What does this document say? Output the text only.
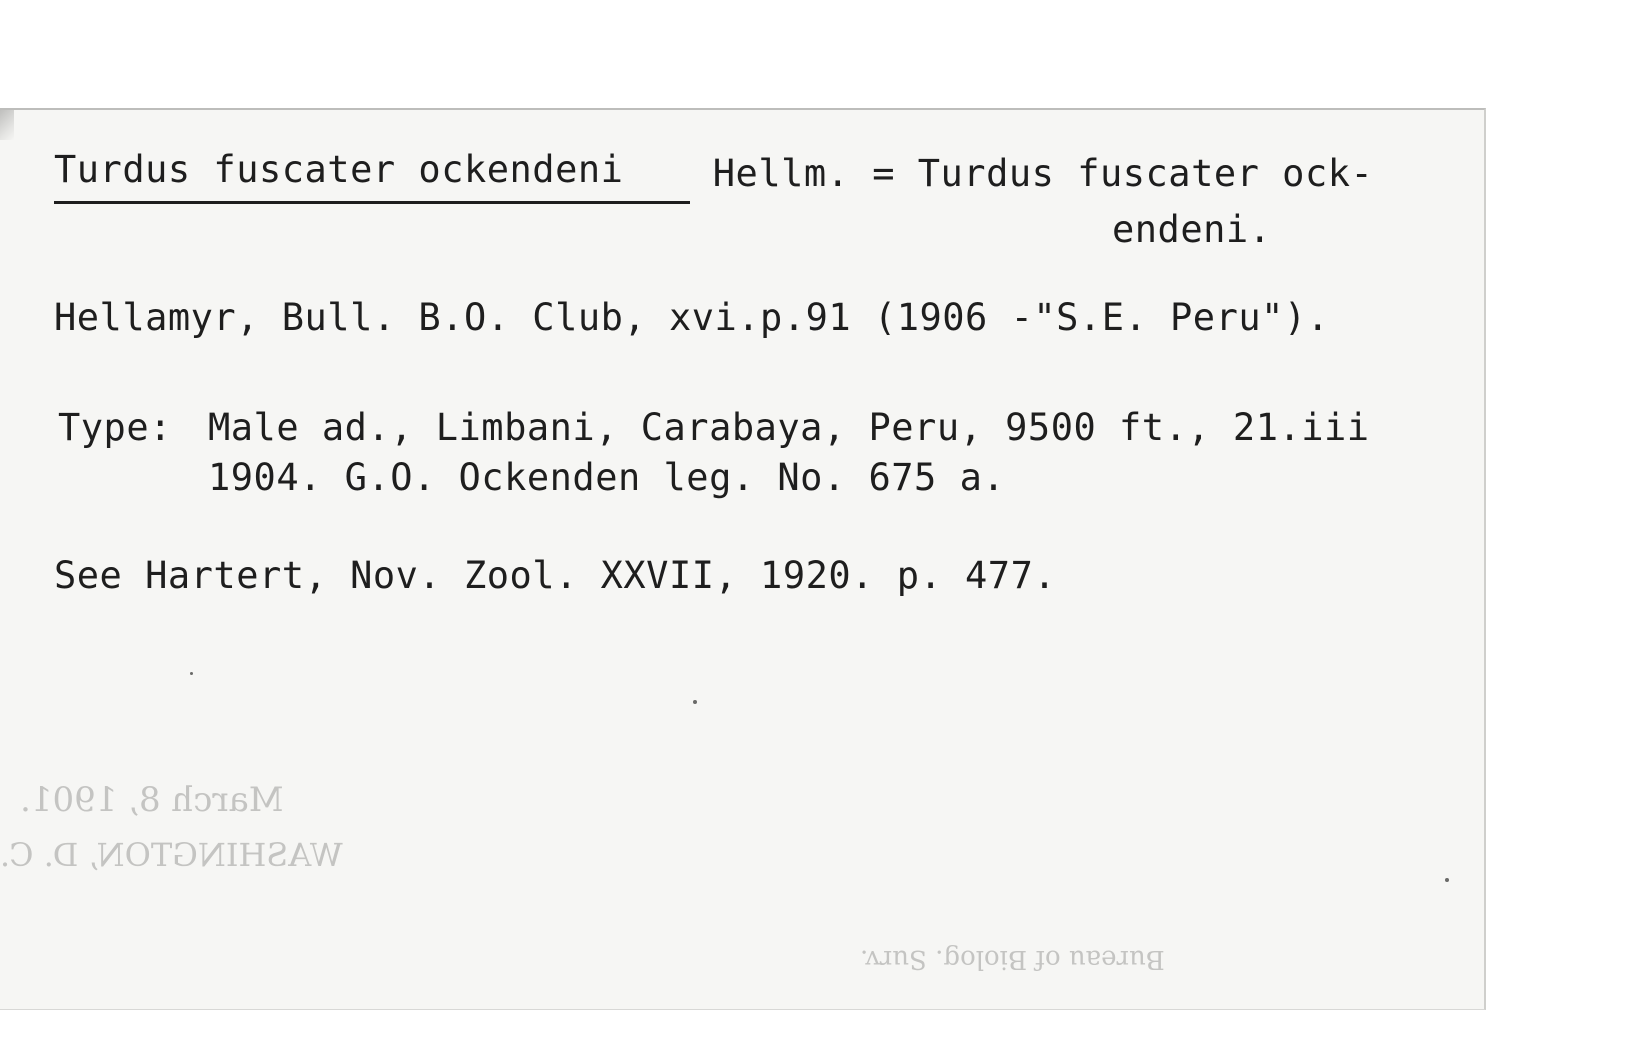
Turdus fuscater ockendeni Hellm. = Turdus fuscater ock-
endeni.
Hellamyr, Bull. B.O. Club, xvi.p.91 (1906 -"S.E. Peru").
Type: Male ad., Limbani, Carabaya, Peru, 9500 ft., 21.iii
1904. G.O. Ockenden leg. No. 675 a.
See Hartert, Nov. Zool. XXVII, 1920. p. 477.
March 8, 1901.
WASHINGTON, D. C.
Bureau of Biolog. Surv.
